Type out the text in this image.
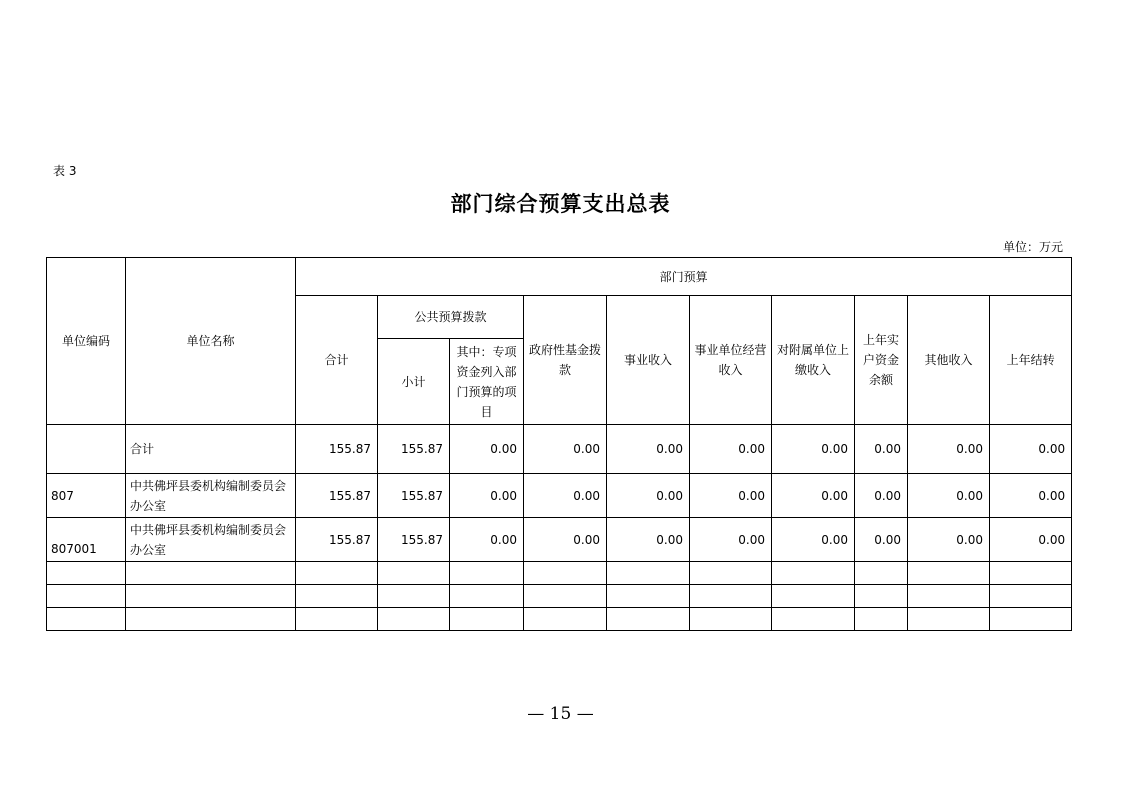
表 3
部门综合预算支出总表
单位：万元
单位编码	单位名称	部门预算									
		合计	公共预算拨款		政府性基金拨款	事业收入	事业单位经营收入	对附属单位上缴收入	上年实户资金余额	其他收入	上年结转
			小计	其中：专项资金列入部门预算的项目							
	合计	155.87	155.87	0.00	0.00	0.00	0.00	0.00	0.00	0.00	0.00
807	中共佛坪县委机构编制委员会办公室	155.87	155.87	0.00	0.00	0.00	0.00	0.00	0.00	0.00	0.00
807001	中共佛坪县委机构编制委员会办公室	155.87	155.87	0.00	0.00	0.00	0.00	0.00	0.00	0.00	0.00

— 15 —
